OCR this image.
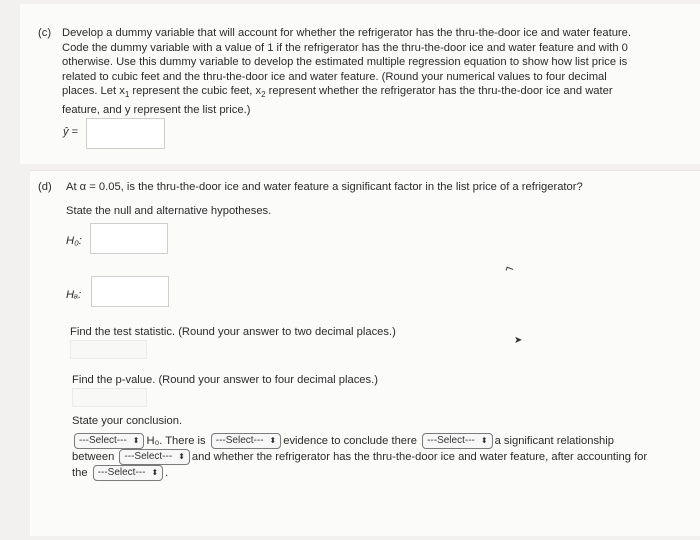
(c) Develop a dummy variable that will account for whether the refrigerator has the thru-the-door ice and water feature.

Code the dummy variable with a value of 1 if the refrigerator has the thru-the-door ice and water feature and with 0

otherwise. Use this dummy variable to develop the estimated multiple regression equation to show how list price is

related to cubic feet and the thru-the-door ice and water feature. (Round your numerical values to four decimal

places. Let $x_1$ represent the cubic feet, $x_2$ represent whether the refrigerator has the thru-the-door ice and water

feature, and y represent the list price.)

ŷ =
(d) At α = 0.05, is the thru-the-door ice and water feature a significant factor in the list price of a refrigerator?
State the null and alternative hypotheses.
H₀:
Hₐ:
⌐
Find the test statistic. (Round your answer to two decimal places.)
➤
Find the p-value. (Round your answer to four decimal places.)
State your conclusion.
---Select--- ⬍ H₀. There is ---Select--- ⬍ evidence to conclude there ---Select--- ⬍ a significant relationship
between ---Select--- ⬍ and whether the refrigerator has the thru-the-door ice and water feature, after accounting for
the ---Select--- ⬍ .
